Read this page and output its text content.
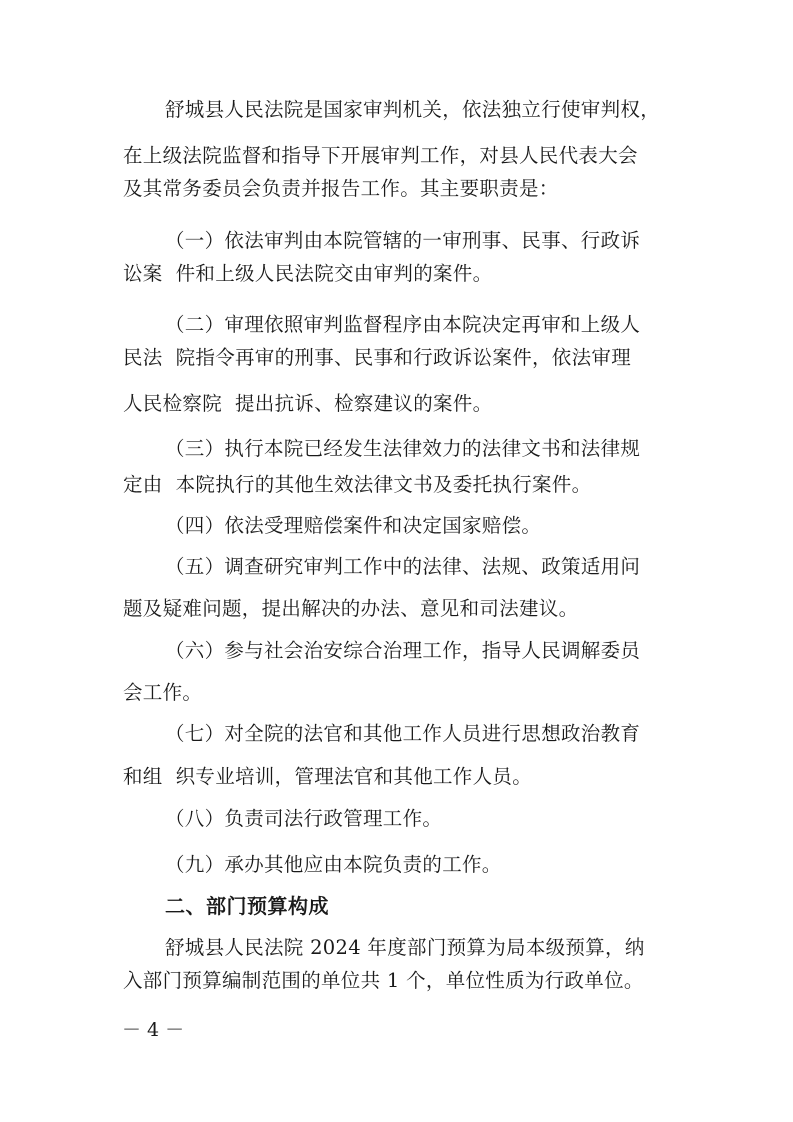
舒城县人民法院是国家审判机关，依法独立行使审判权，
在上级法院监督和指导下开展审判工作，对县人民代表大会
及其常务委员会负责并报告工作。其主要职责是：
（一）依法审判由本院管辖的一审刑事、民事、行政诉
讼案  件和上级人民法院交由审判的案件。
（二）审理依照审判监督程序由本院决定再审和上级人
民法  院指令再审的刑事、民事和行政诉讼案件，依法审理
人民检察院  提出抗诉、检察建议的案件。
（三）执行本院已经发生法律效力的法律文书和法律规
定由  本院执行的其他生效法律文书及委托执行案件。
（四）依法受理赔偿案件和决定国家赔偿。
（五）调查研究审判工作中的法律、法规、政策适用问
题及疑难问题，提出解决的办法、意见和司法建议。
（六）参与社会治安综合治理工作，指导人民调解委员
会工作。
（七）对全院的法官和其他工作人员进行思想政治教育
和组  织专业培训，管理法官和其他工作人员。
（八）负责司法行政管理工作。
（九）承办其他应由本院负责的工作。
二、部门预算构成
舒城县人民法院 2024 年度部门预算为局本级预算，纳
入部门预算编制范围的单位共 1 个，单位性质为行政单位。
－ 4 －
